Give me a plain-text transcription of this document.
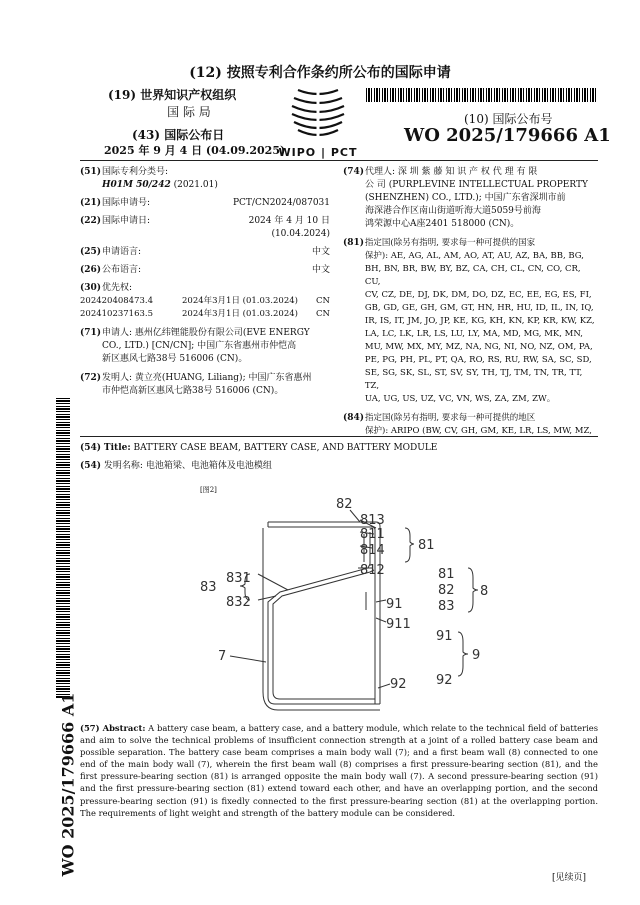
(12) 按照专利合作条约所公布的国际申请
(19) 世界知识产权组织
国 际 局
(43) 国际公布日
2025 年 9 月 4 日 (04.09.2025)
WIPO | PCT
(10) 国际公布号
WO 2025/179666 A1
(51) 国际专利分类号:
H01M 50/242 (2021.01)
(21) 国际申请号:	PCT/CN2024/087031
(22) 国际申请日:	2024 年 4 月 10 日 (10.04.2024)
(25) 申请语言:	中文
(26) 公布语言:	中文
(30) 优先权:
202420408473.4	2024年3月1日 (01.03.2024)	CN
202410237163.5	2024年3月1日 (01.03.2024)	CN
(71) 申请人: 惠州亿纬锂能股份有限公司(EVE ENERGY
CO., LTD.) [CN/CN]; 中国广东省惠州市仲恺高
新区惠风七路38号 516006 (CN)。
(72) 发明人: 黄立亮(HUANG, Liliang); 中国广东省惠州
市仲恺高新区惠风七路38号 516006 (CN)。
(74) 代理人: 深 圳 紫 藤 知 识 产 权 代 理 有 限
公 司 (PURPLEVINE INTELLECTUAL PROPERTY
(SHENZHEN) CO., LTD.); 中国广东省深圳市前
海深港合作区南山街道听海大道5059号前海
鸿荣源中心A座2401 518000 (CN)。
(81) 指定国(除另有指明, 要求每一种可提供的国家
保护): AE, AG, AL, AM, AO, AT, AU, AZ, BA, BB, BG,
BH, BN, BR, BW, BY, BZ, CA, CH, CL, CN, CO, CR, CU,
CV, CZ, DE, DJ, DK, DM, DO, DZ, EC, EE, EG, ES, FI,
GB, GD, GE, GH, GM, GT, HN, HR, HU, ID, IL, IN, IQ,
IR, IS, IT, JM, JO, JP, KE, KG, KH, KN, KP, KR, KW, KZ,
LA, LC, LK, LR, LS, LU, LY, MA, MD, MG, MK, MN,
MU, MW, MX, MY, MZ, NA, NG, NI, NO, NZ, OM, PA,
PE, PG, PH, PL, PT, QA, RO, RS, RU, RW, SA, SC, SD,
SE, SG, SK, SL, ST, SV, SY, TH, TJ, TM, TN, TR, TT, TZ,
UA, UG, US, UZ, VC, VN, WS, ZA, ZM, ZW。
(84) 指定国(除另有指明, 要求每一种可提供的地区
保护): ARIPO (BW, CV, GH, GM, KE, LR, LS, MW, MZ,
(54) Title: BATTERY CASE BEAM, BATTERY CASE, AND BATTERY MODULE
(54) 发明名称: 电池箱梁、电池箱体及电池模组
[图2]
82
813
811
814
812
81
831
832
83
91
911
7
92
81
82
83
8
91
92
9
(57) Abstract: A battery case beam, a battery case, and a battery module, which relate to the technical field of batteries and aim to solve the technical problems of insufficient connection strength at a joint of a rolled battery case beam and possible separation. The battery case beam comprises a main body wall (7); and a first beam wall (8) connected to one end of the main body wall (7), wherein the first beam wall (8) comprises a first pressure-bearing section (81), and the first pressure-bearing section (81) is arranged opposite the main body wall (7). A second pressure-bearing section (91) and the first pressure-bearing section (81) extend toward each other, and have an overlapping portion, and the second pressure-bearing section (91) is fixedly connected to the first pressure-bearing section (81) at the overlapping portion. The requirements of light weight and strength of the battery module can be considered.
WO 2025/179666 A1
[见续页]
